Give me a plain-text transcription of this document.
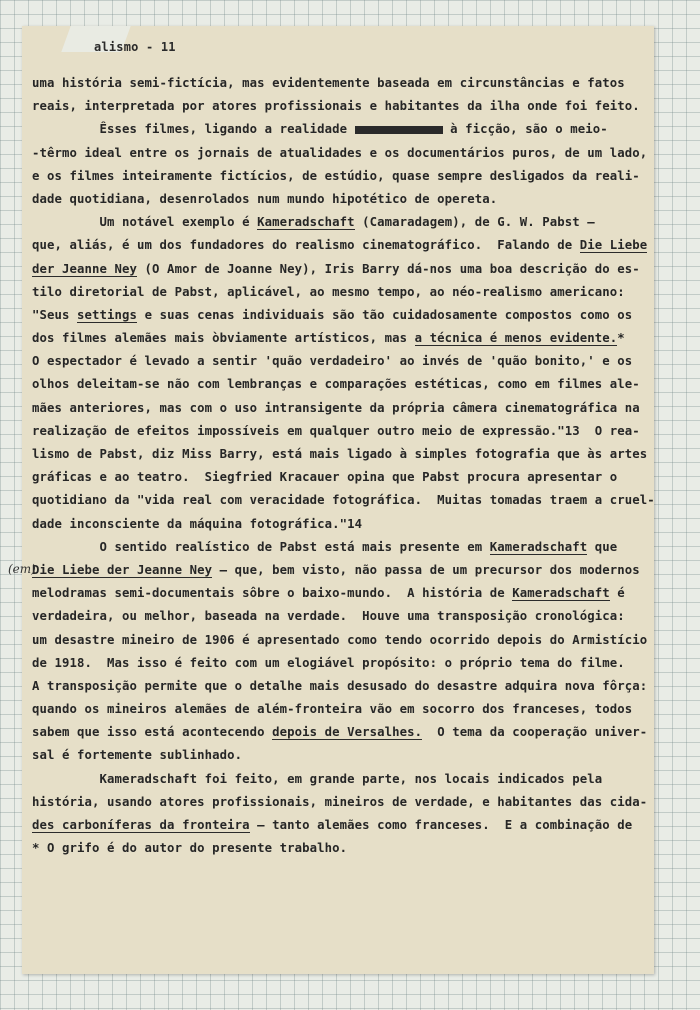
alismo - 11
uma história semi-fictícia, mas evidentemente baseada em circunstâncias e fatos
reais, interpretada por atores profissionais e habitantes da ilha onde foi feito.
Êsses filmes, ligando a realidade	à ficção, são o meio-
-têrmo ideal entre os jornais de atualidades e os documentários puros, de um lado,
e os filmes inteiramente fictícios, de estúdio, quase sempre desligados da reali-
dade quotidiana, desenrolados num mundo hipotético de opereta.
Um notável exemplo é Kameradschaft (Camaradagem), de G. W. Pabst —
que, aliás, é um dos fundadores do realismo cinematográfico.  Falando de Die Liebe
der Jeanne Ney (O Amor de Joanne Ney), Iris Barry dá-nos uma boa descrição do es-
tilo diretorial de Pabst, aplicável, ao mesmo tempo, ao néo-realismo americano:
"Seus settings e suas cenas individuais são tão cuidadosamente compostos como os
dos filmes alemães mais òbviamente artísticos, mas a técnica é menos evidente.*
O espectador é levado a sentir 'quão verdadeiro' ao invés de 'quão bonito,' e os
olhos deleitam-se não com lembranças e comparações estéticas, como em filmes ale-
mães anteriores, mas com o uso intransigente da própria câmera cinematográfica na
realização de efeitos impossíveis em qualquer outro meio de expressão."13  O rea-
lismo de Pabst, diz Miss Barry, está mais ligado à simples fotografia que às artes
gráficas e ao teatro.  Siegfried Kracauer opina que Pabst procura apresentar o
quotidiano da "vida real com veracidade fotográfica.  Muitas tomadas traem a cruel-
dade inconsciente da máquina fotográfica."14
O sentido realístico de Pabst está mais presente em Kameradschaft que
Die Liebe der Jeanne Ney — que, bem visto, não passa de um precursor dos modernos
melodramas semi-documentais sôbre o baixo-mundo.  A história de Kameradschaft é
verdadeira, ou melhor, baseada na verdade.  Houve uma transposição cronológica:
um desastre mineiro de 1906 é apresentado como tendo ocorrido depois do Armistício
de 1918.  Mas isso é feito com um elogiável propósito: o próprio tema do filme.
A transposição permite que o detalhe mais desusado do desastre adquira nova fôrça:
quando os mineiros alemães de além-fronteira vão em socorro dos franceses, todos
sabem que isso está acontecendo depois de Versalhes.  O tema da cooperação univer-
sal é fortemente sublinhado.
Kameradschaft foi feito, em grande parte, nos locais indicados pela
história, usando atores profissionais, mineiros de verdade, e habitantes das cida-
des carboníferas da fronteira — tanto alemães como franceses.  E a combinação de
* O grifo é do autor do presente trabalho.
(em)
